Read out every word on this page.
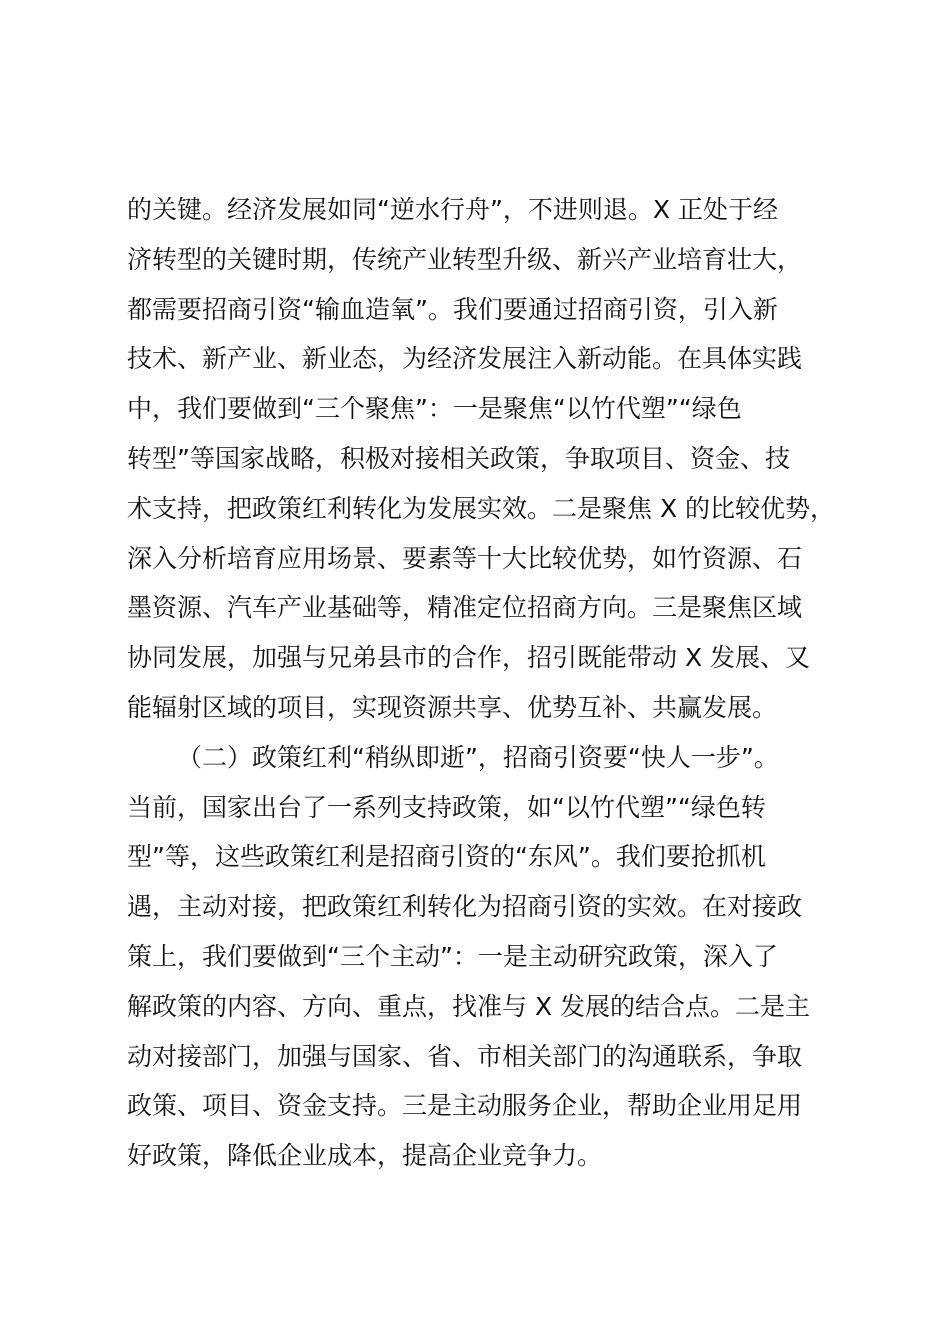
的关键。经济发展如同“逆水行舟”，不进则退。X 正处于经
济转型的关键时期，传统产业转型升级、新兴产业培育壮大，
都需要招商引资“输血造氧”。我们要通过招商引资，引入新
技术、新产业、新业态，为经济发展注入新动能。在具体实践
中，我们要做到“三个聚焦”：一是聚焦“以竹代塑”“绿色
转型”等国家战略，积极对接相关政策，争取项目、资金、技
术支持，把政策红利转化为发展实效。二是聚焦 X 的比较优势，
深入分析培育应用场景、要素等十大比较优势，如竹资源、石
墨资源、汽车产业基础等，精准定位招商方向。三是聚焦区域
协同发展，加强与兄弟县市的合作，招引既能带动 X 发展、又
能辐射区域的项目，实现资源共享、优势互补、共赢发展。
（二）政策红利“稍纵即逝”，招商引资要“快人一步”。
当前，国家出台了一系列支持政策，如“以竹代塑”“绿色转
型”等，这些政策红利是招商引资的“东风”。我们要抢抓机
遇，主动对接，把政策红利转化为招商引资的实效。在对接政
策上，我们要做到“三个主动”：一是主动研究政策，深入了
解政策的内容、方向、重点，找准与 X 发展的结合点。二是主
动对接部门，加强与国家、省、市相关部门的沟通联系，争取
政策、项目、资金支持。三是主动服务企业，帮助企业用足用
好政策，降低企业成本，提高企业竞争力。
